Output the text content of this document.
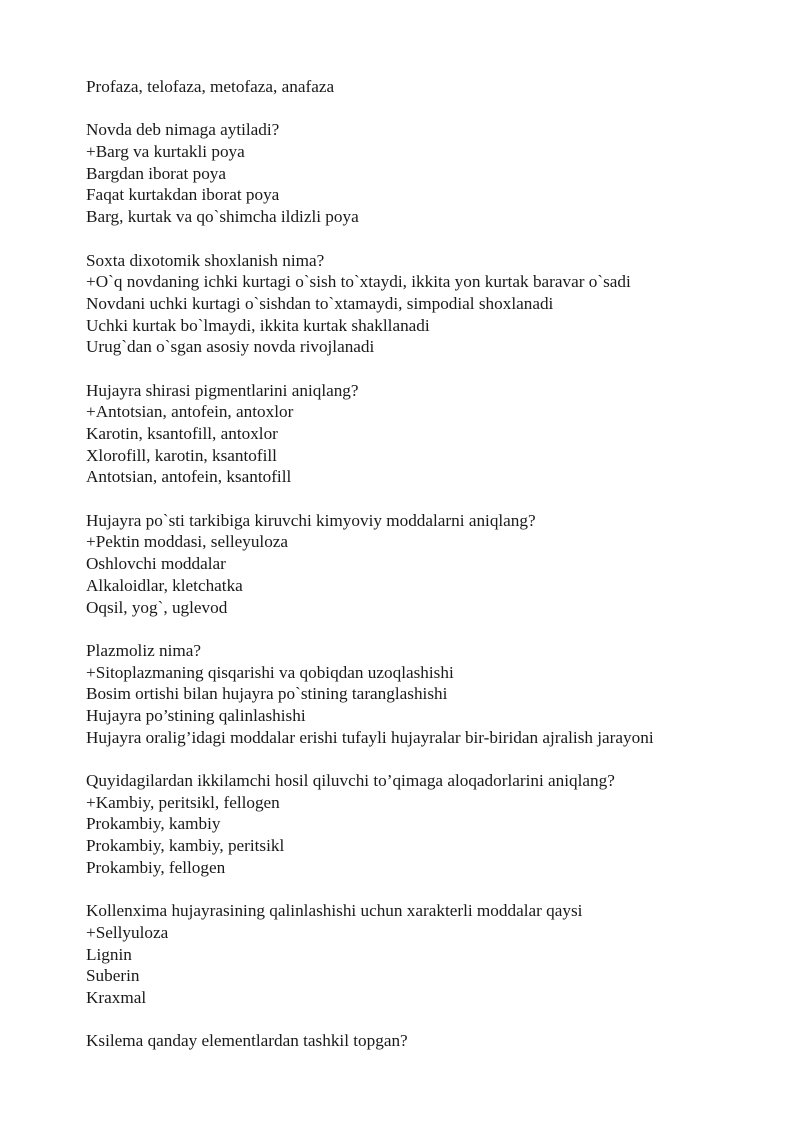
Profaza, telofaza, metofaza, anafaza
Novda deb nimaga aytiladi?
+Barg va kurtakli poya
Bargdan iborat poya
Faqat kurtakdan iborat poya
Barg, kurtak va qo`shimcha ildizli poya
Soxta dixotomik shoxlanish nima?
+O`q novdaning ichki kurtagi o`sish to`xtaydi, ikkita yon kurtak baravar o`sadi
Novdani uchki kurtagi o`sishdan to`xtamaydi, simpodial shoxlanadi
Uchki kurtak bo`lmaydi, ikkita kurtak shakllanadi
Urug`dan o`sgan asosiy novda rivojlanadi
Hujayra shirasi pigmentlarini aniqlang?
+Antotsian, antofein, antoxlor
Karotin, ksantofill, antoxlor
Xlorofill, karotin, ksantofill
Antotsian, antofein, ksantofill
Hujayra po`sti tarkibiga kiruvchi kimyoviy moddalarni aniqlang?
+Pektin moddasi, selleyuloza
Oshlovchi moddalar
Alkaloidlar, kletchatka
Oqsil, yog`, uglevod
Plazmoliz nima?
+Sitoplazmaning qisqarishi va qobiqdan uzoqlashishi
Bosim ortishi bilan hujayra po`stining taranglashishi
Hujayra po’stining qalinlashishi
Hujayra oralig’idagi moddalar erishi tufayli hujayralar bir-biridan ajralish jarayoni
Quyidagilardan ikkilamchi hosil qiluvchi to’qimaga aloqadorlarini aniqlang?
+Kambiy, peritsikl, fellogen
Prokambiy, kambiy
Prokambiy, kambiy, peritsikl
Prokambiy, fellogen
Kollenxima hujayrasining qalinlashishi uchun xarakterli moddalar qaysi
+Sellyuloza
Lignin
Suberin
Kraxmal
Ksilema qanday elementlardan tashkil topgan?
